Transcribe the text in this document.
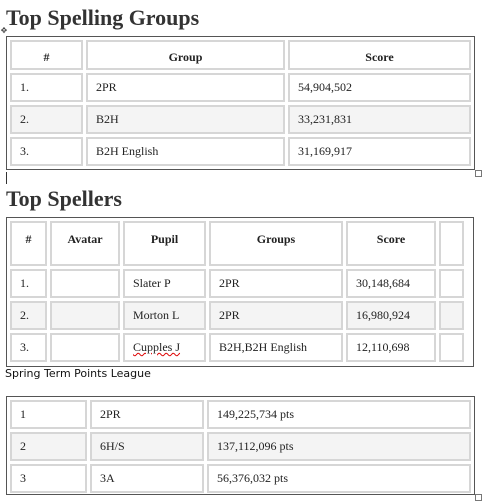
Top Spelling Groups
✥
#	Group	Score
1.	2PR	54,904,502
2.	B2H	33,231,831
3.	B2H English	31,169,917
Top Spellers
#	Avatar	Pupil	Groups	Score	
1.		Slater P	2PR	30,148,684	
2.		Morton L	2PR	16,980,924	
3.		Cupples J	B2H,B2H English	12,110,698	
Spring Term Points League
1	2PR	149,225,734 pts
2	6H/S	137,112,096 pts
3	3A	56,376,032 pts
